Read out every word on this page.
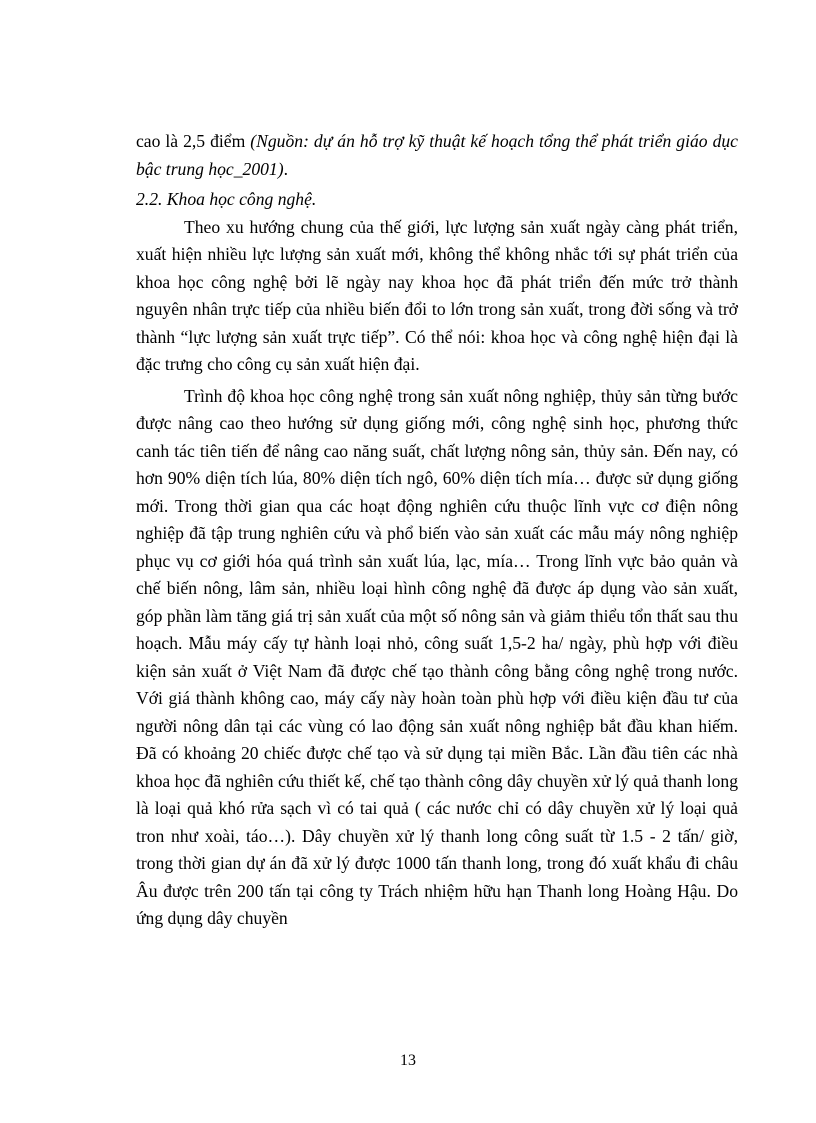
cao là 2,5 điểm (Nguồn: dự án hỗ trợ kỹ thuật kế hoạch tổng thể phát triển giáo dục bậc trung học_2001).

2.2. Khoa học công nghệ.

Theo xu hướng chung của thế giới, lực lượng sản xuất ngày càng phát triển, xuất hiện nhiều lực lượng sản xuất mới, không thể không nhắc tới sự phát triển của khoa học công nghệ bởi lẽ ngày nay khoa học đã phát triển đến mức trở thành nguyên nhân trực tiếp của nhiều biến đổi to lớn trong sản xuất, trong đời sống và trở thành “lực lượng sản xuất trực tiếp”. Có thể nói: khoa học và công nghệ hiện đại là đặc trưng cho công cụ sản xuất hiện đại.

Trình độ khoa học công nghệ trong sản xuất nông nghiệp, thủy sản từng bước được nâng cao theo hướng sử dụng giống mới, công nghệ sinh học, phương thức canh tác tiên tiến để nâng cao năng suất, chất lượng nông sản, thủy sản. Đến nay, có hơn 90% diện tích lúa, 80% diện tích ngô, 60% diện tích mía… được sử dụng giống mới. Trong thời gian qua các hoạt động nghiên cứu thuộc lĩnh vực cơ điện nông nghiệp đã tập trung nghiên cứu và phổ biến vào sản xuất các mẫu máy nông nghiệp phục vụ cơ giới hóa quá trình sản xuất lúa, lạc, mía… Trong lĩnh vực bảo quản và chế biến nông, lâm sản, nhiều loại hình công nghệ đã được áp dụng vào sản xuất, góp phần làm tăng giá trị sản xuất của một số nông sản và giảm thiểu tổn thất sau thu hoạch. Mẫu máy cấy tự hành loại nhỏ, công suất 1,5-2 ha/ ngày, phù hợp với điều kiện sản xuất ở Việt Nam đã được chế tạo thành công bằng công nghệ trong nước. Với giá thành không cao, máy cấy này hoàn toàn phù hợp với điều kiện đầu tư của người nông dân tại các vùng có lao động sản xuất nông nghiệp bắt đầu khan hiếm. Đã có khoảng 20 chiếc được chế tạo và sử dụng tại miền Bắc. Lần đầu tiên các nhà khoa học đã nghiên cứu thiết kế, chế tạo thành công dây chuyền xử lý quả thanh long là loại quả khó rửa sạch vì có tai quả ( các nước chỉ có dây chuyền xử lý loại quả tron như xoài, táo…). Dây chuyền xử lý thanh long công suất từ 1.5 - 2 tấn/ giờ, trong thời gian dự án đã xử lý được 1000 tấn thanh long, trong đó xuất khẩu đi châu Âu được trên 200 tấn tại công ty Trách nhiệm hữu hạn Thanh long Hoàng Hậu. Do ứng dụng dây chuyền

13
